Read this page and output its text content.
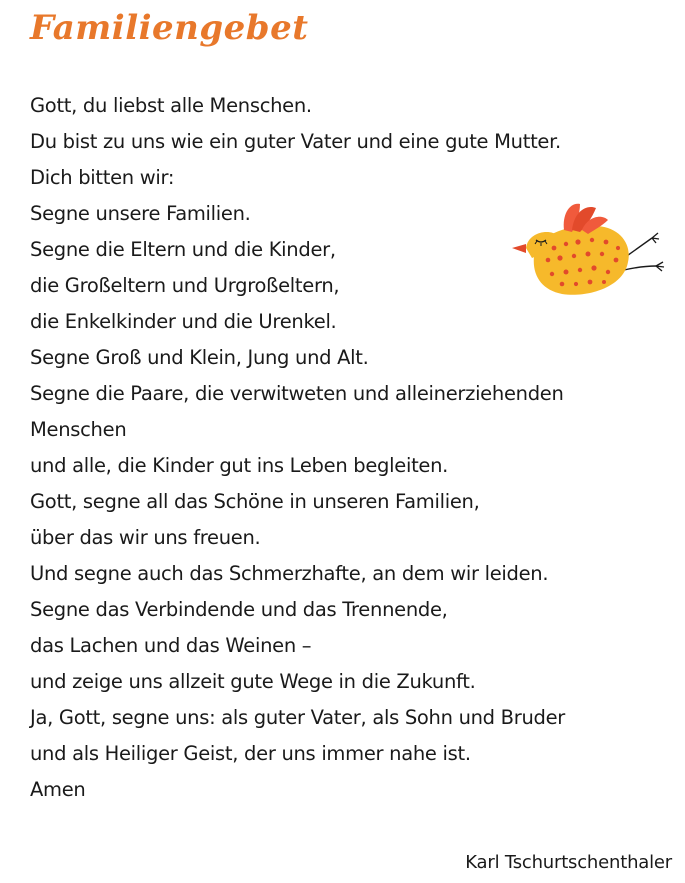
Familiengebet
Gott, du liebst alle Menschen.
Du bist zu uns wie ein guter Vater und eine gute Mutter.
Dich bitten wir:
Segne unsere Familien.
Segne die Eltern und die Kinder,
die Großeltern und Urgroßeltern,
die Enkelkinder und die Urenkel.
Segne Groß und Klein, Jung und Alt.
Segne die Paare, die verwitweten und alleinerziehenden
Menschen
und alle, die Kinder gut ins Leben begleiten.
Gott, segne all das Schöne in unseren Familien,
über das wir uns freuen.
Und segne auch das Schmerzhafte, an dem wir leiden.
Segne das Verbindende und das Trennende,
das Lachen und das Weinen –
und zeige uns allzeit gute Wege in die Zukunft.
Ja, Gott, segne uns: als guter Vater, als Sohn und Bruder
und als Heiliger Geist, der uns immer nahe ist.
Amen
Karl Tschurtschenthaler
